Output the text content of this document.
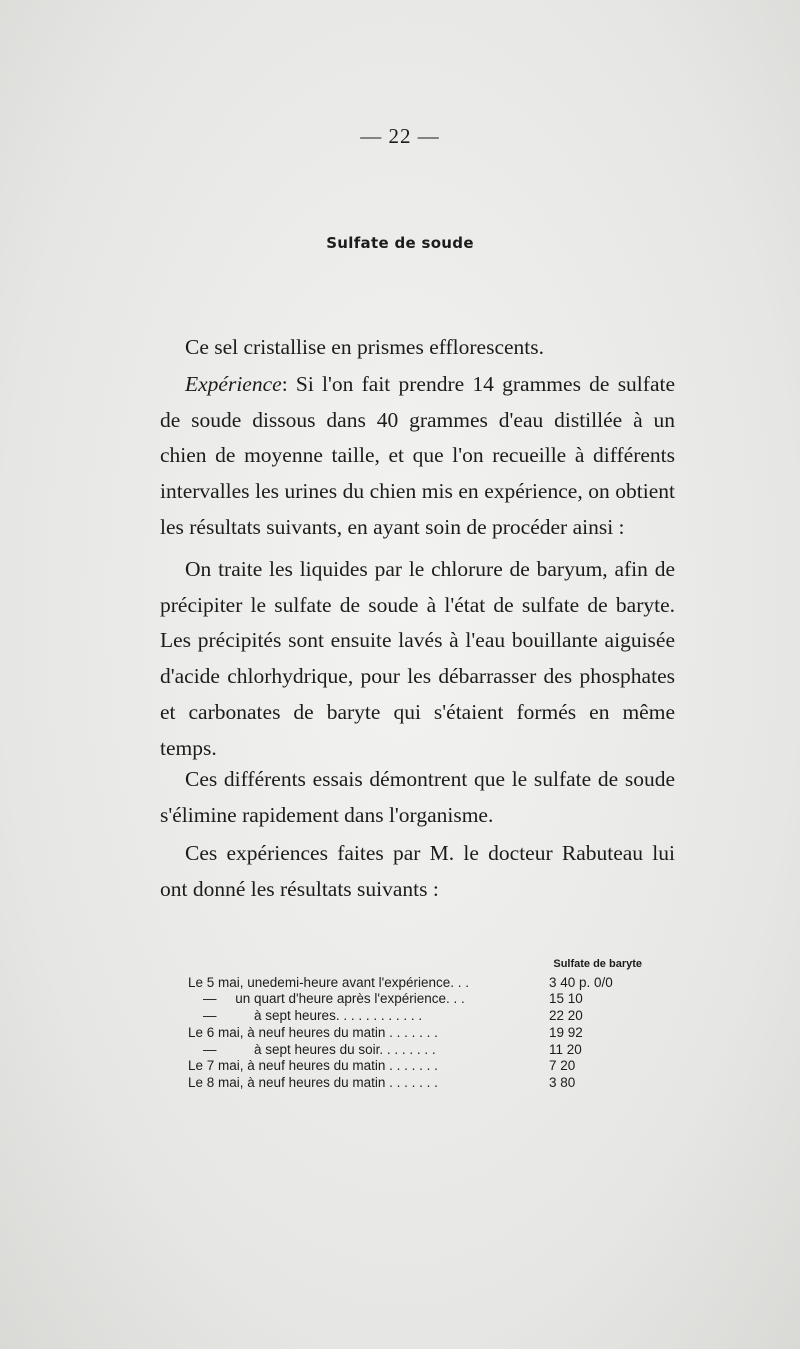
— 22 —
Sulfate de soude

Ce sel cristallise en prismes efflorescents.

Expérience: Si l'on fait prendre 14 grammes de sulfate de soude dissous dans 40 grammes d'eau distillée à un chien de moyenne taille, et que l'on recueille à différents intervalles les urines du chien mis en expérience, on obtient les résultats suivants, en ayant soin de procéder ainsi :

On traite les liquides par le chlorure de baryum, afin de précipiter le sulfate de soude à l'état de sulfate de baryte. Les précipités sont ensuite lavés à l'eau bouillante aiguisée d'acide chlorhydrique, pour les débarrasser des phosphates et carbonates de baryte qui s'étaient formés en même temps.

Ces différents essais démontrent que le sulfate de soude s'élimine rapidement dans l'organisme.

Ces expériences faites par M. le docteur Rabuteau lui ont donné les résultats suivants :

Sulfate de baryte
Le 5 mai, unedemi-heure avant l'expérience. . .	3 40 p. 0/0
—     un quart d'heure après l'expérience. . .	15 10
—          à sept heures. . . . . . . . . . . .	22 20
Le 6 mai, à neuf heures du matin . . . . . . .	19 92
—          à sept heures du soir. . . . . . . .	11 20
Le 7 mai, à neuf heures du matin . . . . . . .	7 20
Le 8 mai, à neuf heures du matin . . . . . . .	3 80
